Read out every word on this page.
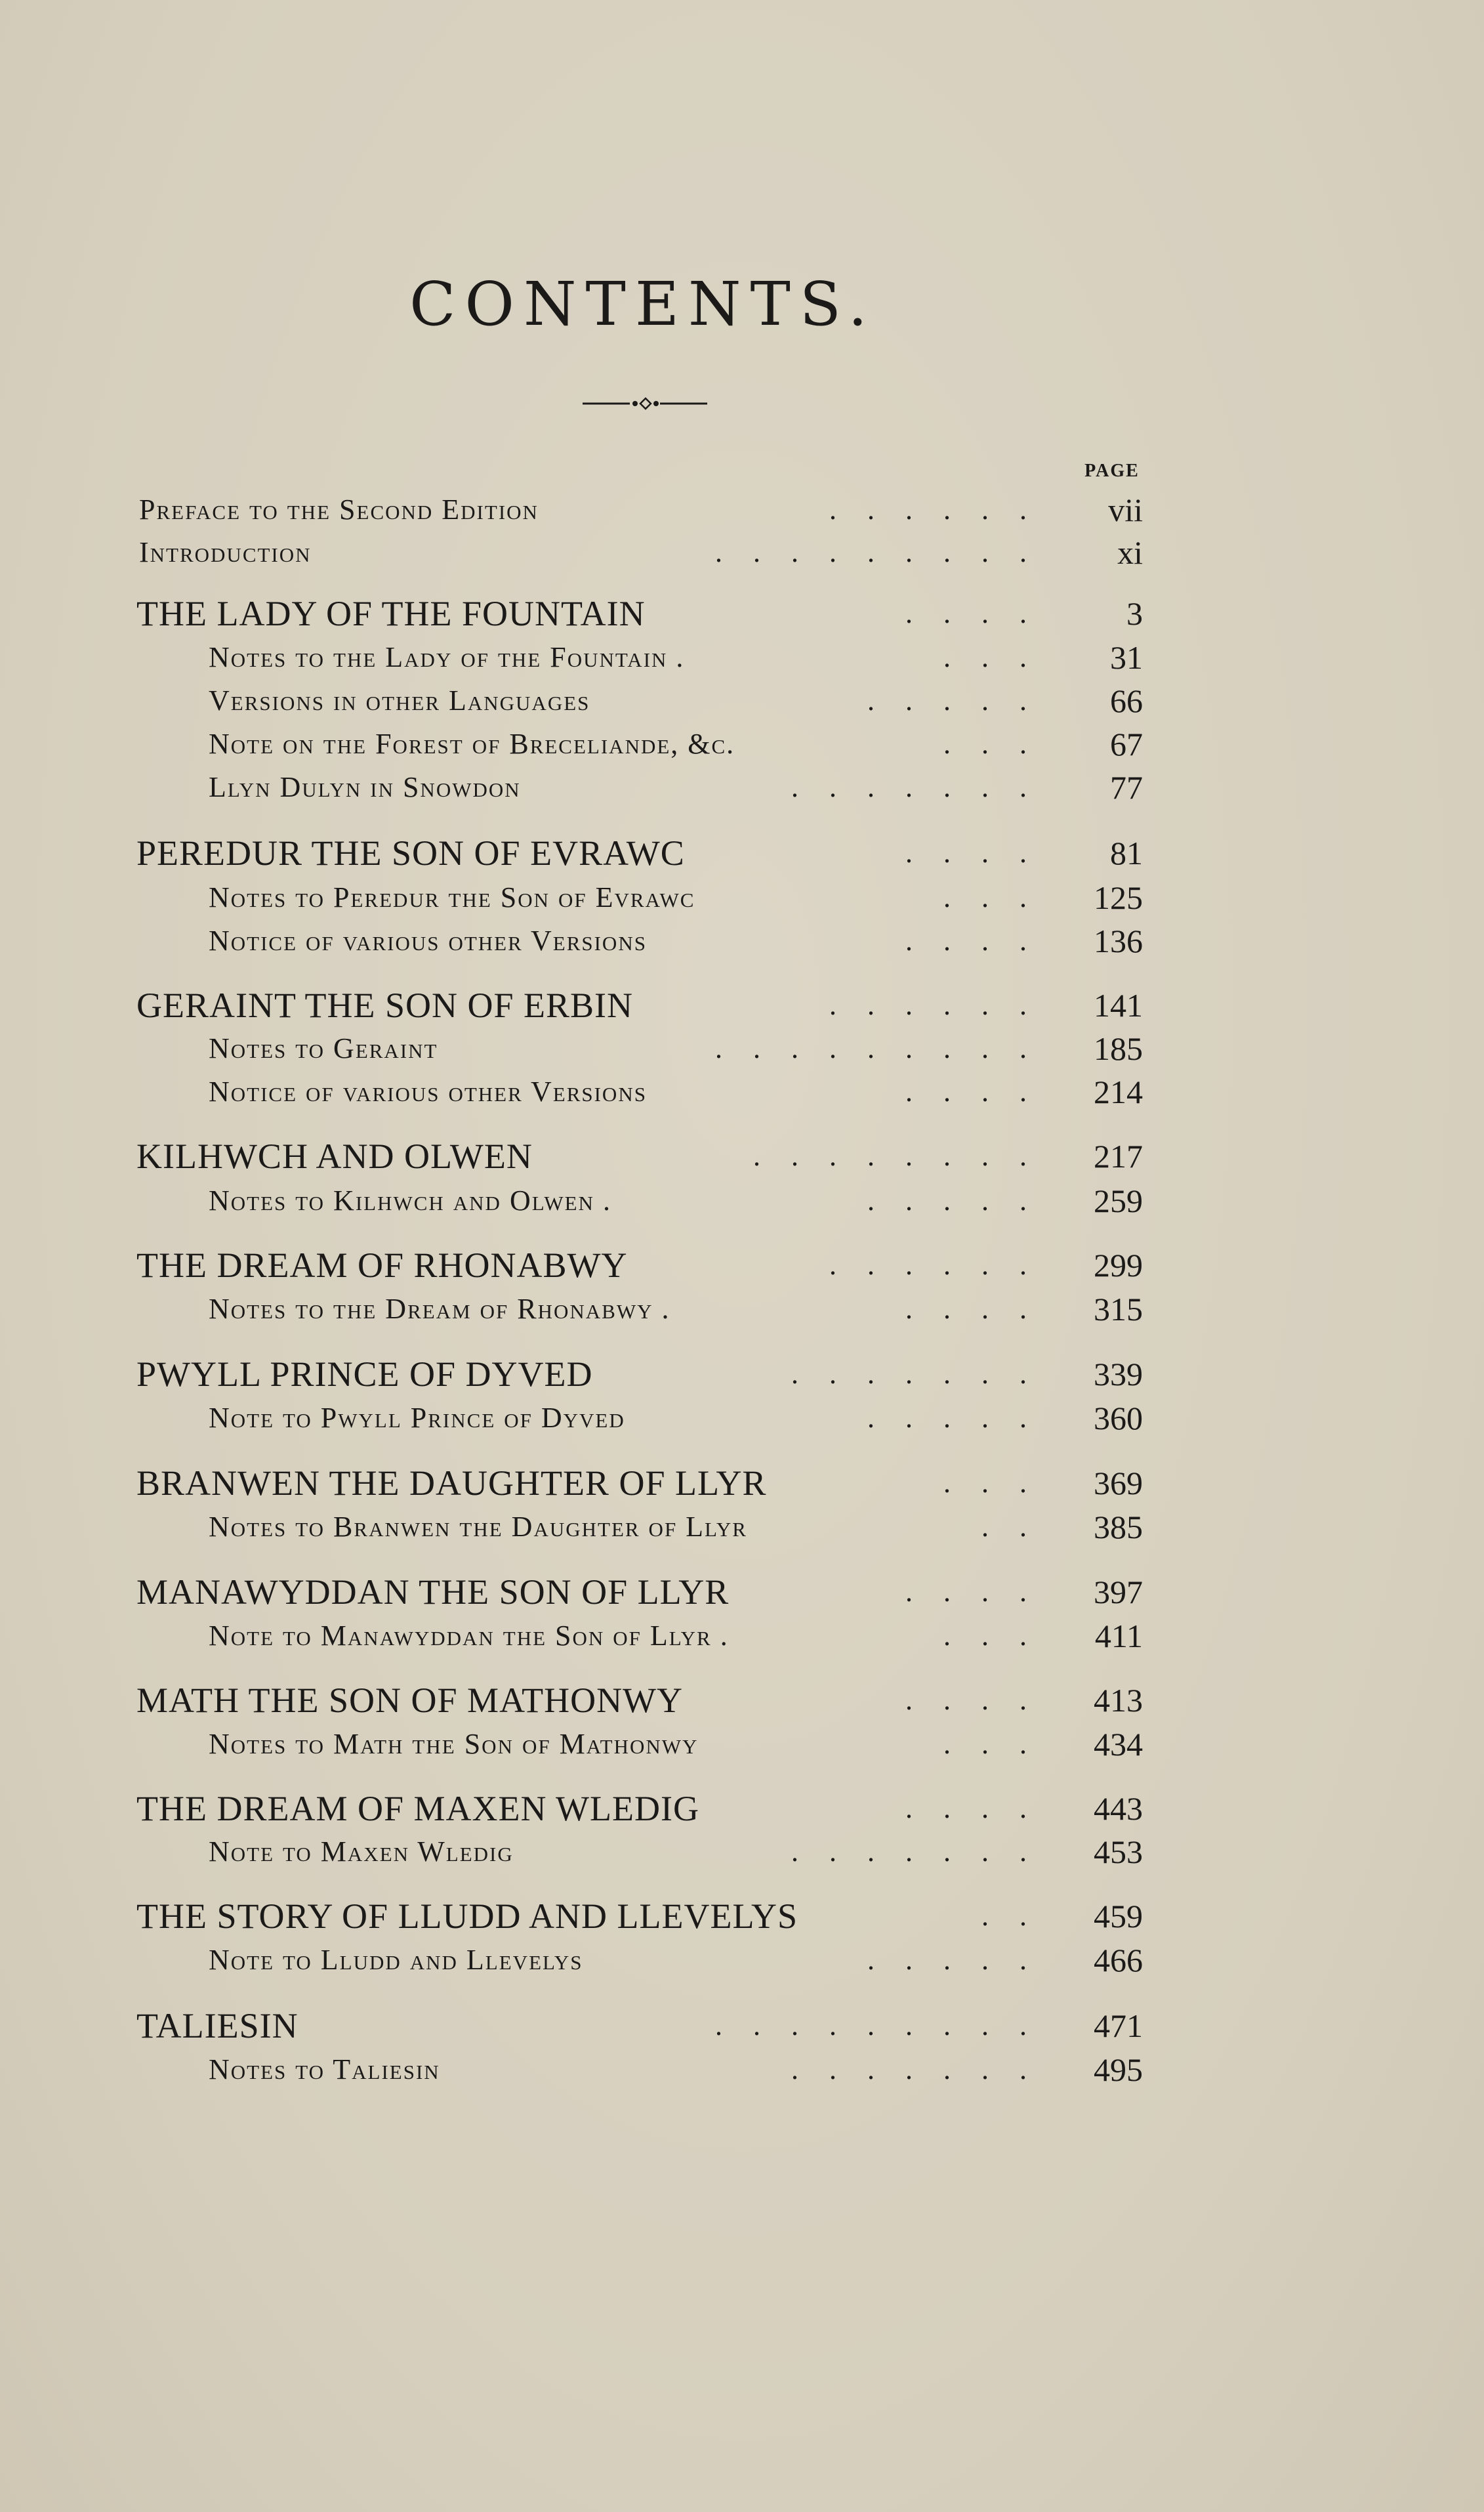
CONTENTS.
PAGE
Preface to the Second Edition	......	vii
Introduction	.........	xi
THE LADY OF THE FOUNTAIN	....	3
Notes to the Lady of the Fountain .	...	31
Versions in other Languages	.....	66
Note on the Forest of Breceliande, &c.	...	67
Llyn Dulyn in Snowdon	.......	77
PEREDUR THE SON OF EVRAWC	....	81
Notes to Peredur the Son of Evrawc	...	125
Notice of various other Versions	....	136
GERAINT THE SON OF ERBIN	......	141
Notes to Geraint	.........	185
Notice of various other Versions	....	214
KILHWCH AND OLWEN	........	217
Notes to Kilhwch and Olwen .	.....	259
THE DREAM OF RHONABWY	......	299
Notes to the Dream of Rhonabwy .	....	315
PWYLL PRINCE OF DYVED	.......	339
Note to Pwyll Prince of Dyved	.....	360
BRANWEN THE DAUGHTER OF LLYR	...	369
Notes to Branwen the Daughter of Llyr	..	385
MANAWYDDAN THE SON OF LLYR	....	397
Note to Manawyddan the Son of Llyr .	...	411
MATH THE SON OF MATHONWY	....	413
Notes to Math the Son of Mathonwy	...	434
THE DREAM OF MAXEN WLEDIG	....	443
Note to Maxen Wledig	.......	453
THE STORY OF LLUDD AND LLEVELYS	..	459
Note to Lludd and Llevelys	.....	466
TALIESIN	.........	471
Notes to Taliesin	.......	495
